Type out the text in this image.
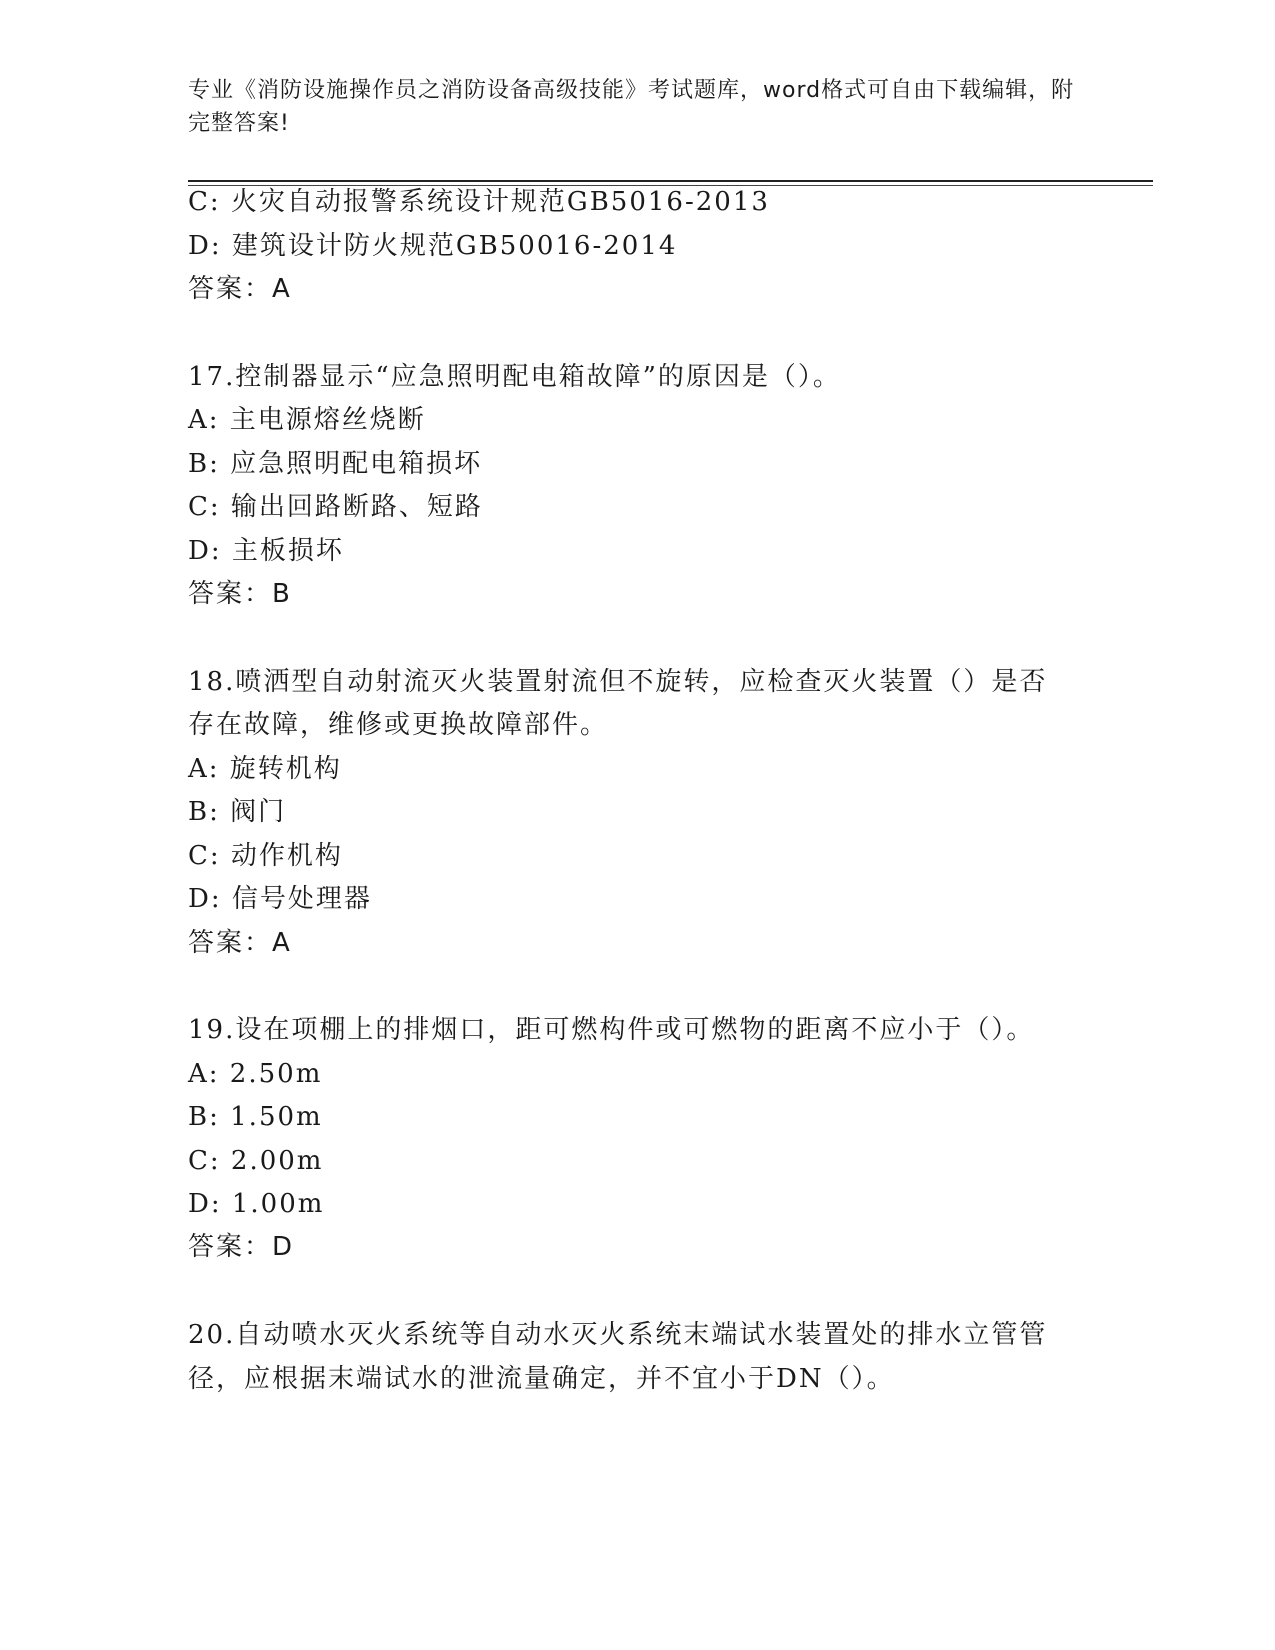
专业《消防设施操作员之消防设备高级技能》考试题库，word格式可自由下载编辑，附完整答案!
C: 火灾自动报警系统设计规范GB5016-2013
D: 建筑设计防火规范GB50016-2014
答案：A
17.控制器显示“应急照明配电箱故障”的原因是（）。
A: 主电源熔丝烧断
B: 应急照明配电箱损坏
C: 输出回路断路、短路
D: 主板损坏
答案：B
18.喷洒型自动射流灭火装置射流但不旋转，应检查灭火装置（）是否
存在故障，维修或更换故障部件。
A: 旋转机构
B: 阀门
C: 动作机构
D: 信号处理器
答案：A
19.设在项棚上的排烟口，距可燃构件或可燃物的距离不应小于（）。
A: 2.50m
B: 1.50m
C: 2.00m
D: 1.00m
答案：D
20.自动喷水灭火系统等自动水灭火系统末端试水装置处的排水立管管
径，应根据末端试水的泄流量确定，并不宜小于DN（）。
